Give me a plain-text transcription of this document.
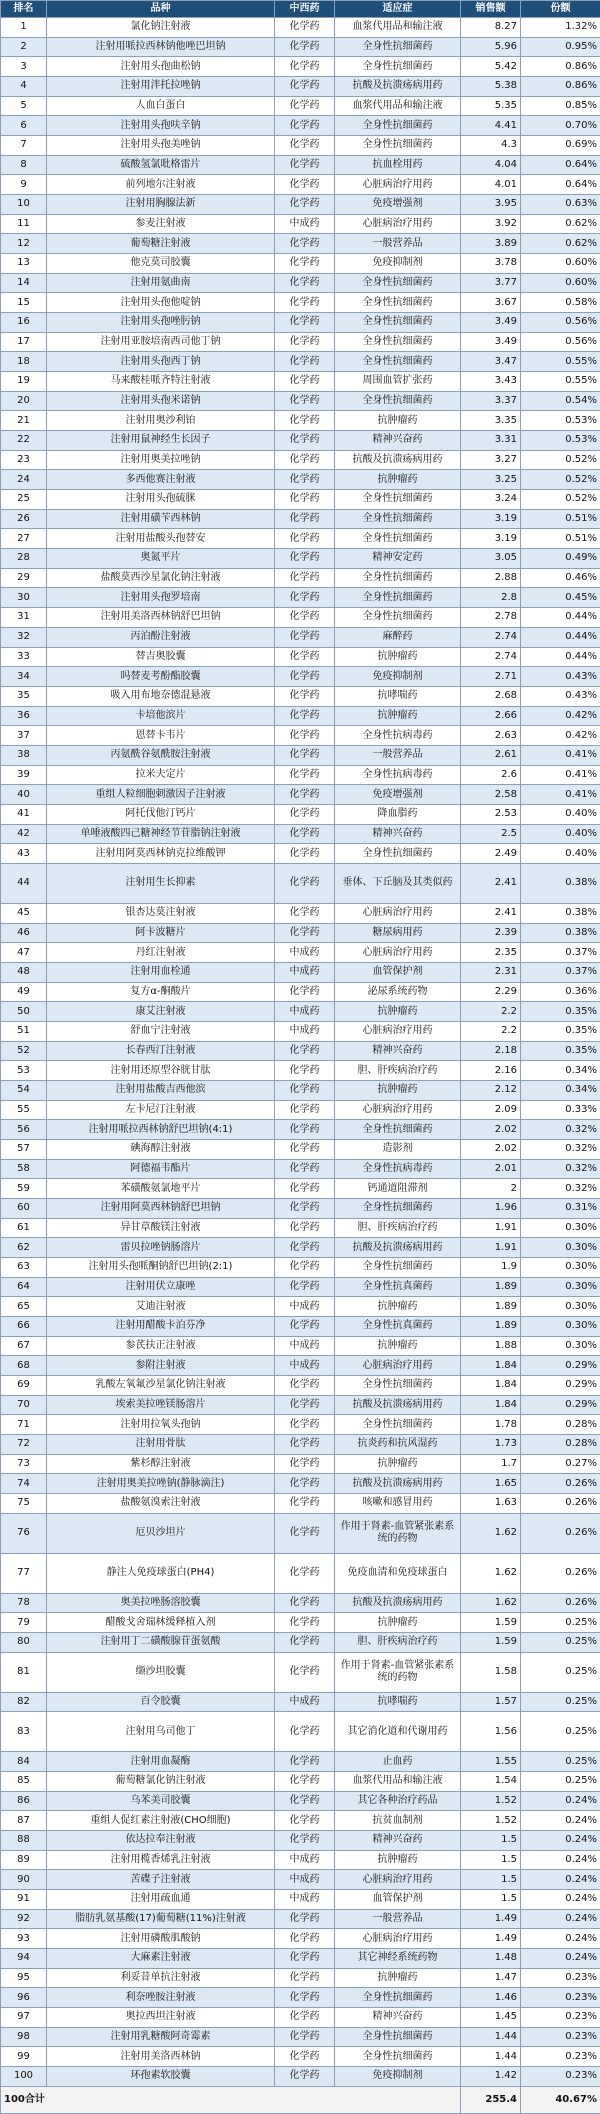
排名	品种	中西药	适应症	销售额	份额
1	氯化钠注射液	化学药	血浆代用品和输注液	8.27	1.32%
2	注射用哌拉西林钠他唑巴坦钠	化学药	全身性抗细菌药	5.96	0.95%
3	注射用头孢曲松钠	化学药	全身性抗细菌药	5.42	0.86%
4	注射用泮托拉唑钠	化学药	抗酸及抗溃疡病用药	5.38	0.86%
5	人血白蛋白	化学药	血浆代用品和输注液	5.35	0.85%
6	注射用头孢呋辛钠	化学药	全身性抗细菌药	4.41	0.70%
7	注射用头孢美唑钠	化学药	全身性抗细菌药	4.3	0.69%
8	硫酸氢氯吡格雷片	化学药	抗血栓用药	4.04	0.64%
9	前列地尔注射液	化学药	心脏病治疗用药	4.01	0.64%
10	注射用胸腺法新	化学药	免疫增强剂	3.95	0.63%
11	参麦注射液	中成药	心脏病治疗用药	3.92	0.62%
12	葡萄糖注射液	化学药	一般营养品	3.89	0.62%
13	他克莫司胶囊	化学药	免疫抑制剂	3.78	0.60%
14	注射用氨曲南	化学药	全身性抗细菌药	3.77	0.60%
15	注射用头孢他啶钠	化学药	全身性抗细菌药	3.67	0.58%
16	注射用头孢唑肟钠	化学药	全身性抗细菌药	3.49	0.56%
17	注射用亚胺培南西司他丁钠	化学药	全身性抗细菌药	3.49	0.56%
18	注射用头孢西丁钠	化学药	全身性抗细菌药	3.47	0.55%
19	马来酸桂哌齐特注射液	化学药	周围血管扩张药	3.43	0.55%
20	注射用头孢米诺钠	化学药	全身性抗细菌药	3.37	0.54%
21	注射用奥沙利铂	化学药	抗肿瘤药	3.35	0.53%
22	注射用鼠神经生长因子	化学药	精神兴奋药	3.31	0.53%
23	注射用奥美拉唑钠	化学药	抗酸及抗溃疡病用药	3.27	0.52%
24	多西他赛注射液	化学药	抗肿瘤药	3.25	0.52%
25	注射用头孢硫脒	化学药	全身性抗细菌药	3.24	0.52%
26	注射用磺苄西林钠	化学药	全身性抗细菌药	3.19	0.51%
27	注射用盐酸头孢替安	化学药	全身性抗细菌药	3.19	0.51%
28	奥氮平片	化学药	精神安定药	3.05	0.49%
29	盐酸莫西沙星氯化钠注射液	化学药	全身性抗细菌药	2.88	0.46%
30	注射用头孢罗培南	化学药	全身性抗细菌药	2.8	0.45%
31	注射用美洛西林钠舒巴坦钠	化学药	全身性抗细菌药	2.78	0.44%
32	丙泊酚注射液	化学药	麻醉药	2.74	0.44%
33	替吉奥胶囊	化学药	抗肿瘤药	2.74	0.44%
34	吗替麦考酚酯胶囊	化学药	免疫抑制剂	2.71	0.43%
35	吸入用布地奈德混悬液	化学药	抗哮喘药	2.68	0.43%
36	卡培他滨片	化学药	抗肿瘤药	2.66	0.42%
37	恩替卡韦片	化学药	全身性抗病毒药	2.63	0.42%
38	丙氨酰谷氨酰胺注射液	化学药	一般营养品	2.61	0.41%
39	拉米夫定片	化学药	全身性抗病毒药	2.6	0.41%
40	重组人粒细胞刺激因子注射液	化学药	免疫增强剂	2.58	0.41%
41	阿托伐他汀钙片	化学药	降血脂药	2.53	0.40%
42	单唾液酸四己糖神经节苷脂钠注射液	化学药	精神兴奋药	2.5	0.40%
43	注射用阿莫西林钠克拉维酸钾	化学药	全身性抗细菌药	2.49	0.40%
44	注射用生长抑素	化学药	垂体、下丘脑及其类似药	2.41	0.38%
45	银杏达莫注射液	化学药	心脏病治疗用药	2.41	0.38%
46	阿卡波糖片	化学药	糖尿病用药	2.39	0.38%
47	丹红注射液	中成药	心脏病治疗用药	2.35	0.37%
48	注射用血栓通	中成药	血管保护剂	2.31	0.37%
49	复方α-酮酸片	化学药	泌尿系统药物	2.29	0.36%
50	康艾注射液	中成药	抗肿瘤药	2.2	0.35%
51	舒血宁注射液	中成药	心脏病治疗用药	2.2	0.35%
52	长春西汀注射液	化学药	精神兴奋药	2.18	0.35%
53	注射用还原型谷胱甘肽	化学药	胆、肝疾病治疗药	2.16	0.34%
54	注射用盐酸吉西他滨	化学药	抗肿瘤药	2.12	0.34%
55	左卡尼汀注射液	化学药	心脏病治疗用药	2.09	0.33%
56	注射用哌拉西林钠舒巴坦钠(4:1)	化学药	全身性抗细菌药	2.02	0.32%
57	碘海醇注射液	化学药	造影剂	2.02	0.32%
58	阿德福韦酯片	化学药	全身性抗病毒药	2.01	0.32%
59	苯磺酸氨氯地平片	化学药	钙通道阻滞剂	2	0.32%
60	注射用阿莫西林钠舒巴坦钠	化学药	全身性抗细菌药	1.96	0.31%
61	异甘草酸镁注射液	化学药	胆、肝疾病治疗药	1.91	0.30%
62	雷贝拉唑钠肠溶片	化学药	抗酸及抗溃疡病用药	1.91	0.30%
63	注射用头孢哌酮钠舒巴坦钠(2:1)	化学药	全身性抗细菌药	1.9	0.30%
64	注射用伏立康唑	化学药	全身性抗真菌药	1.89	0.30%
65	艾迪注射液	中成药	抗肿瘤药	1.89	0.30%
66	注射用醋酸卡泊芬净	化学药	全身性抗真菌药	1.89	0.30%
67	参芪扶正注射液	中成药	抗肿瘤药	1.88	0.30%
68	参附注射液	中成药	心脏病治疗用药	1.84	0.29%
69	乳酸左氧氟沙星氯化钠注射液	化学药	全身性抗细菌药	1.84	0.29%
70	埃索美拉唑镁肠溶片	化学药	抗酸及抗溃疡病用药	1.84	0.29%
71	注射用拉氧头孢钠	化学药	全身性抗细菌药	1.78	0.28%
72	注射用骨肽	化学药	抗炎药和抗风湿药	1.73	0.28%
73	紫杉醇注射液	化学药	抗肿瘤药	1.7	0.27%
74	注射用奥美拉唑钠(静脉滴注)	化学药	抗酸及抗溃疡病用药	1.65	0.26%
75	盐酸氨溴索注射液	化学药	咳嗽和感冒用药	1.63	0.26%
76	厄贝沙坦片	化学药	作用于肾素-血管紧张素系统的药物	1.62	0.26%
77	静注人免疫球蛋白(PH4)	化学药	免疫血清和免疫球蛋白	1.62	0.26%
78	奥美拉唑肠溶胶囊	化学药	抗酸及抗溃疡病用药	1.62	0.26%
79	醋酸戈舍瑞林缓释植入剂	化学药	抗肿瘤药	1.59	0.25%
80	注射用丁二磺酸腺苷蛋氨酸	化学药	胆、肝疾病治疗药	1.59	0.25%
81	缬沙坦胶囊	化学药	作用于肾素-血管紧张素系统的药物	1.58	0.25%
82	百令胶囊	中成药	抗哮喘药	1.57	0.25%
83	注射用乌司他丁	化学药	其它消化道和代谢用药	1.56	0.25%
84	注射用血凝酶	化学药	止血药	1.55	0.25%
85	葡萄糖氯化钠注射液	化学药	血浆代用品和输注液	1.54	0.25%
86	乌苯美司胶囊	化学药	其它各种治疗药品	1.52	0.24%
87	重组人促红素注射液(CHO细胞)	化学药	抗贫血制剂	1.52	0.24%
88	依达拉奉注射液	化学药	精神兴奋药	1.5	0.24%
89	注射用榄香烯乳注射液	中成药	抗肿瘤药	1.5	0.24%
90	苦碟子注射液	中成药	心脏病治疗用药	1.5	0.24%
91	注射用疏血通	中成药	血管保护剂	1.5	0.24%
92	脂肪乳氨基酸(17)葡萄糖(11%)注射液	化学药	一般营养品	1.49	0.24%
93	注射用磷酸肌酸钠	化学药	心脏病治疗用药	1.49	0.24%
94	大麻素注射液	化学药	其它神经系统药物	1.48	0.24%
95	利妥昔单抗注射液	化学药	抗肿瘤药	1.47	0.23%
96	利奈唑胺注射液	化学药	全身性抗细菌药	1.46	0.23%
97	奥拉西坦注射液	化学药	精神兴奋药	1.45	0.23%
98	注射用乳糖酸阿奇霉素	化学药	全身性抗细菌药	1.44	0.23%
99	注射用美洛西林钠	化学药	全身性抗细菌药	1.44	0.23%
100	环孢素软胶囊	化学药	免疫抑制剂	1.42	0.23%
100合计				255.4	40.67%
